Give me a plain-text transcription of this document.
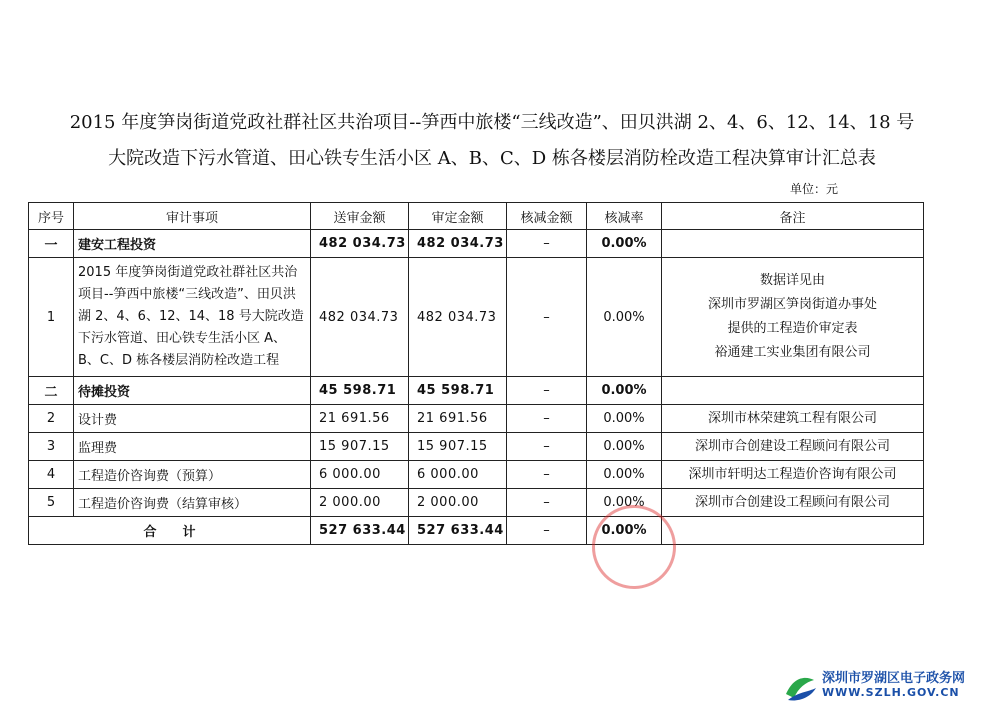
2015 年度笋岗街道党政社群社区共治项目--笋西中旅楼“三线改造”、田贝洪湖 2、4、6、12、14、18 号
大院改造下污水管道、田心铁专生活小区 A、B、C、D 栋各楼层消防栓改造工程决算审计汇总表
单位：元
序号	审计事项	送审金额	审定金额	核减金额	核减率	备注
一	建安工程投资	482 034.73	482 034.73	–	0.00%	
1	2015 年度笋岗街道党政社群社区共治项目--笋西中旅楼“三线改造”、田贝洪湖 2、4、6、12、14、18 号大院改造下污水管道、田心铁专生活小区 A、B、C、D 栋各楼层消防栓改造工程	482 034.73	482 034.73	–	0.00%	数据详见由
深圳市罗湖区笋岗街道办事处
提供的工程造价审定表
裕通建工实业集团有限公司

二	待摊投资	45 598.71	45 598.71	–	0.00%	
2	设计费	21 691.56	21 691.56	–	0.00%	深圳市林荣建筑工程有限公司
3	监理费	15 907.15	15 907.15	–	0.00%	深圳市合创建设工程顾问有限公司
4	工程造价咨询费（预算）	6 000.00	6 000.00	–	0.00%	深圳市轩明达工程造价咨询有限公司
5	工程造价咨询费（结算审核）	2 000.00	2 000.00	–	0.00%	深圳市合创建设工程顾问有限公司
合　　计		527 633.44	527 633.44	–	0.00%	
深圳市罗湖区电子政务网
WWW.SZLH.GOV.CN
